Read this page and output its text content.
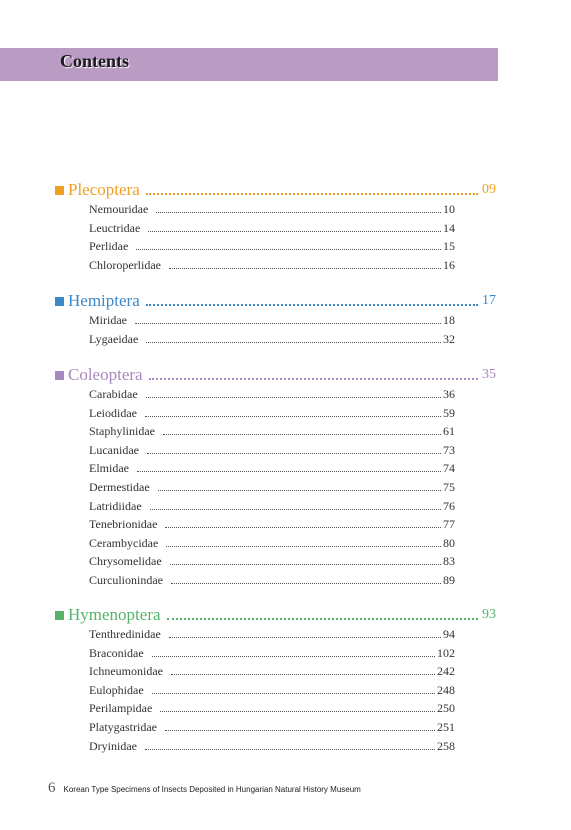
Contents
Plecoptera	09
Nemouridae	10
Leuctridae	14
Perlidae	15
Chloroperlidae	16
Hemiptera	17
Miridae	18
Lygaeidae	32
Coleoptera	35
Carabidae	36
Leiodidae	59
Staphylinidae	61
Lucanidae	73
Elmidae	74
Dermestidae	75
Latridiidae	76
Tenebrionidae	77
Cerambycidae	80
Chrysomelidae	83
Curculionindae	89
Hymenoptera	93
Tenthredinidae	94
Braconidae	102
Ichneumonidae	242
Eulophidae	248
Perilampidae	250
Platygastridae	251
Dryinidae	258
6 Korean Type Specimens of Insects Deposited in Hungarian Natural History Museum
